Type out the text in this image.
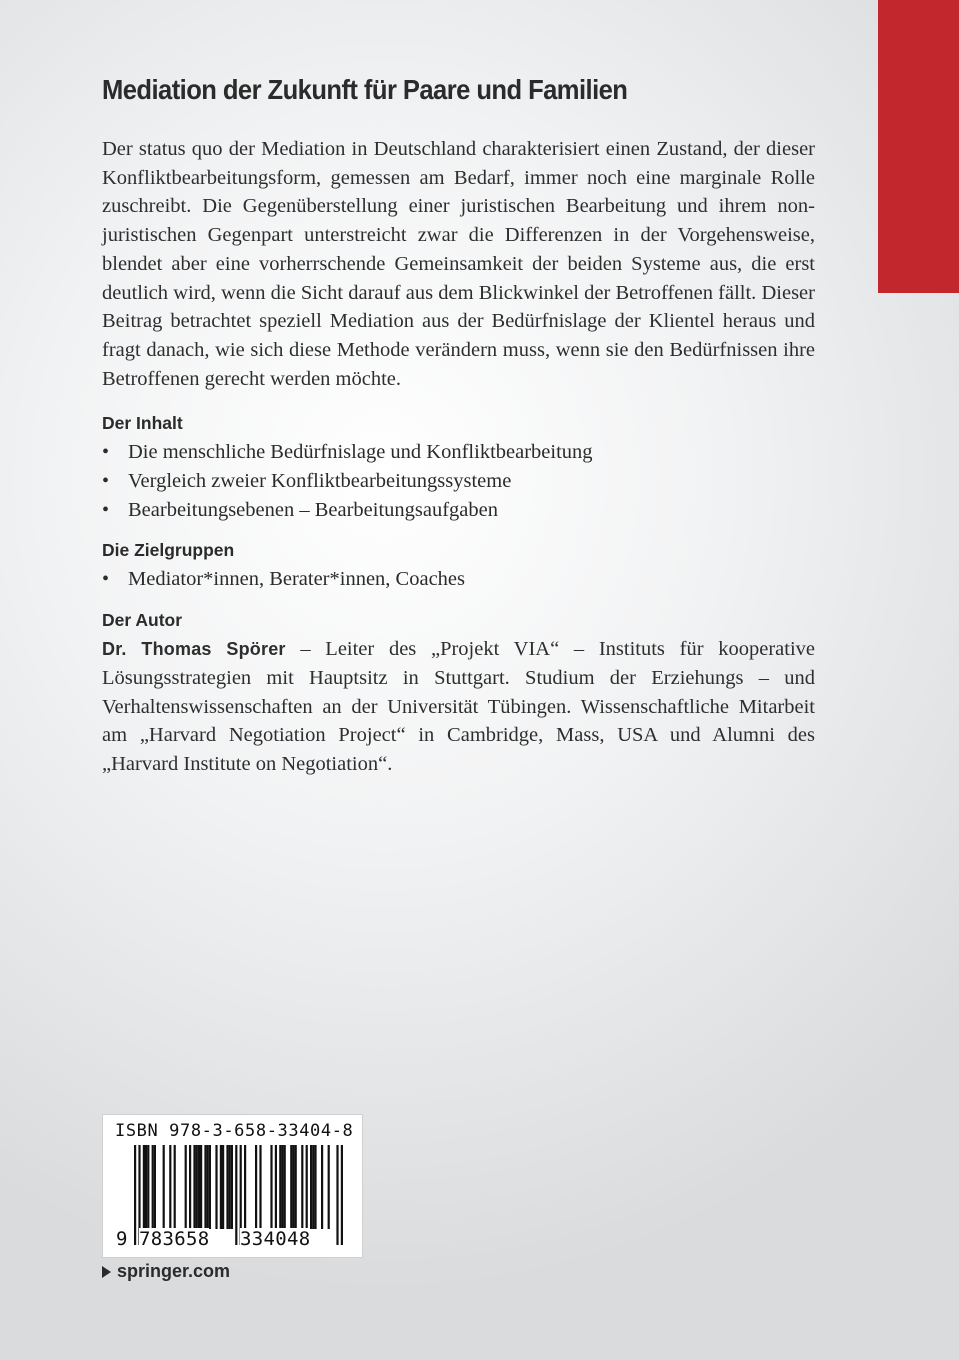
Mediation der Zukunft für Paare und Familien

Der status quo der Mediation in Deutschland charakterisiert einen Zustand, der dieser Konfliktbearbeitungsform, gemessen am Bedarf, immer noch eine marginale Rolle zuschreibt. Die Gegenüberstellung einer juristischen Bearbeitung und ihrem non-juristischen Gegenpart unterstreicht zwar die Differenzen in der Vorgehensweise, blendet aber eine vorherrschende Gemeinsamkeit der beiden Systeme aus, die erst deutlich wird, wenn die Sicht darauf aus dem Blickwinkel der Betroffenen fällt. Dieser Beitrag betrachtet speziell Mediation aus der Bedürfnislage der Klientel heraus und fragt danach, wie sich diese Methode verändern muss, wenn sie den Bedürfnissen ihre Betroffenen gerecht werden möchte.

Der Inhalt
• Die menschliche Bedürfnislage und Konfliktbearbeitung
• Vergleich zweier Konfliktbearbeitungssysteme
• Bearbeitungsebenen – Bearbeitungsaufgaben
Die Zielgruppen
• Mediator*innen, Berater*innen, Coaches
Der Autor

Dr. Thomas Spörer – Leiter des „Projekt VIA“ – Instituts für kooperative Lösungsstrategien mit Hauptsitz in Stuttgart. Studium der Erziehungs – und Verhaltenswissenschaften an der Universität Tübingen. Wissenschaftliche Mitarbeit am „Harvard Negotiation Project“ in Cambridge, Mass, USA und Alumni des „Harvard Institute on Negotiation“.

ISBN 978-3-658-33404-8
9 783658 334048
springer.com
